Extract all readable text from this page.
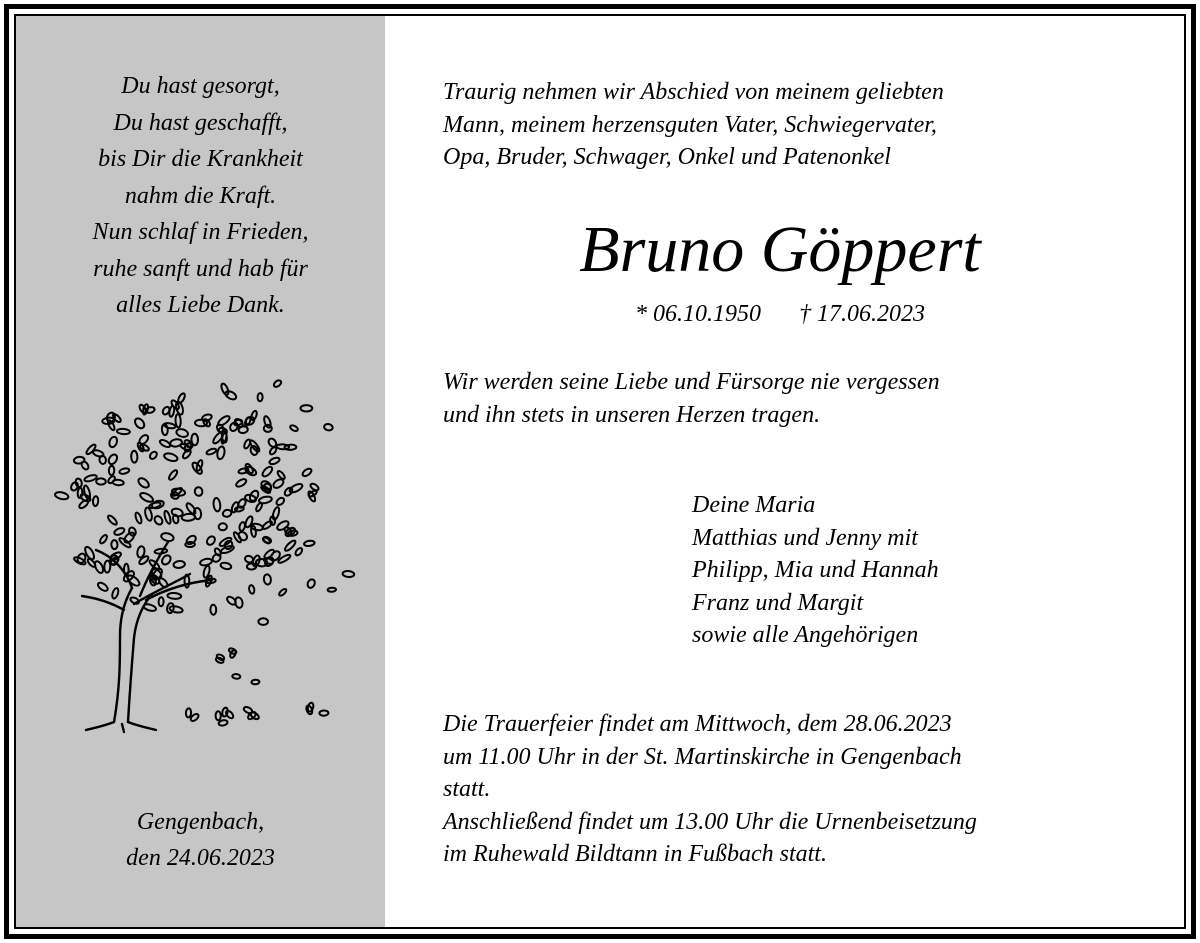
Du hast gesorgt,
Du hast geschafft,
bis Dir die Krankheit
nahm die Kraft.
Nun schlaf in Frieden,
ruhe sanft und hab für
alles Liebe Dank.
Gengenbach,
den 24.06.2023
Traurig nehmen wir Abschied von meinem geliebten
Mann, meinem herzensguten Vater, Schwiegervater,
Opa, Bruder, Schwager, Onkel und Patenonkel
Bruno Göppert
* 06.10.1950 † 17.06.2023
Wir werden seine Liebe und Fürsorge nie vergessen
und ihn stets in unseren Herzen tragen.
Deine Maria
Matthias und Jenny mit
Philipp, Mia und Hannah
Franz und Margit
sowie alle Angehörigen
Die Trauerfeier findet am Mittwoch, dem 28.06.2023
um 11.00 Uhr in der St. Martinskirche in Gengenbach
statt.
Anschließend findet um 13.00 Uhr die Urnenbeisetzung
im Ruhewald Bildtann in Fußbach statt.
